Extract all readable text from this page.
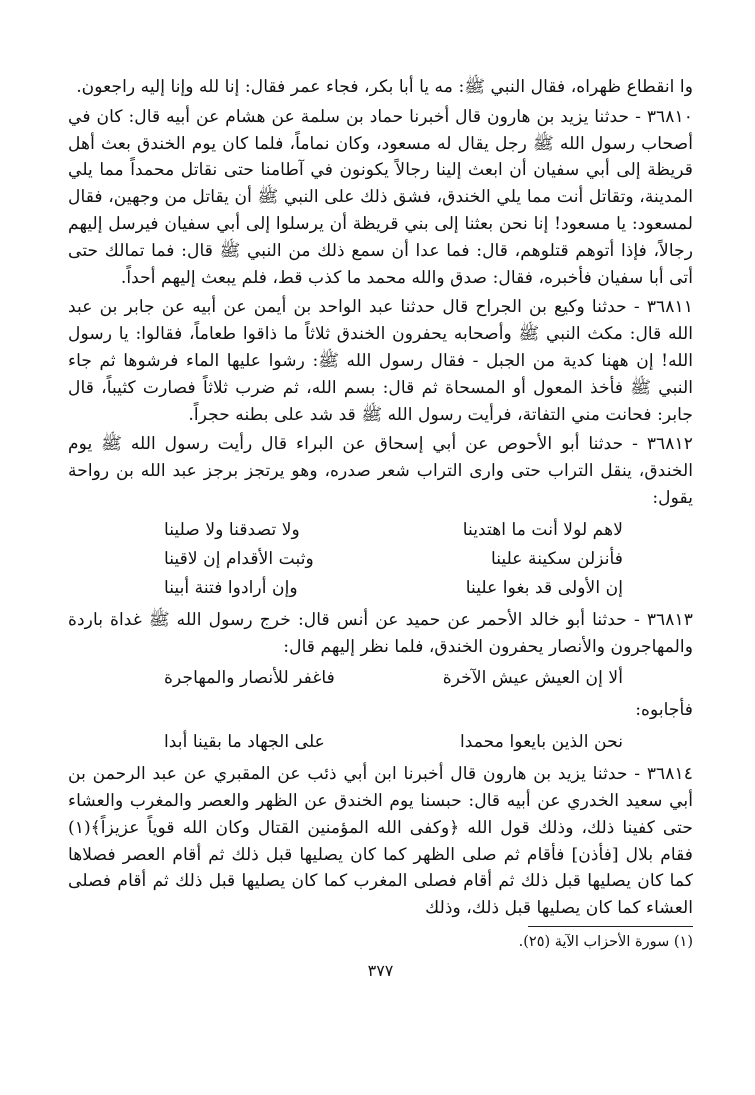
وا انقطاع ظهراه، فقال النبي ﷺ: مه يا أبا بكر، فجاء عمر فقال: إنا لله وإنا إليه راجعون.

٣٦٨١٠ - حدثنا يزيد بن هارون قال أخبرنا حماد بن سلمة عن هشام عن أبيه قال: كان في أصحاب رسول الله ﷺ رجل يقال له مسعود، وكان نماماً، فلما كان يوم الخندق بعث أهل قريظة إلى أبي سفيان أن ابعث إلينا رجالاً يكونون في آطامنا حتى نقاتل محمداً مما يلي المدينة، وتقاتل أنت مما يلي الخندق، فشق ذلك على النبي ﷺ أن يقاتل من وجهين، فقال لمسعود: يا مسعود! إنا نحن بعثنا إلى بني قريظة أن يرسلوا إلى أبي سفيان فيرسل إليهم رجالاً، فإذا أتوهم قتلوهم، قال: فما عدا أن سمع ذلك من النبي ﷺ قال: فما تمالك حتى أتى أبا سفيان فأخبره، فقال: صدق والله محمد ما كذب قط، فلم يبعث إليهم أحداً.

٣٦٨١١ - حدثنا وكيع بن الجراح قال حدثنا عبد الواحد بن أيمن عن أبيه عن جابر بن عبد الله قال: مكث النبي ﷺ وأصحابه يحفرون الخندق ثلاثاً ما ذاقوا طعاماً، فقالوا: يا رسول الله! إن ههنا كدية من الجبل - فقال رسول الله ﷺ: رشوا عليها الماء فرشوها ثم جاء النبي ﷺ فأخذ المعول أو المسحاة ثم قال: بسم الله، ثم ضرب ثلاثاً فصارت كثيباً، قال جابر: فحانت مني التفاتة، فرأيت رسول الله ﷺ قد شد على بطنه حجراً.

٣٦٨١٢ - حدثنا أبو الأحوص عن أبي إسحاق عن البراء قال رأيت رسول الله ﷺ يوم الخندق، ينقل التراب حتى وارى التراب شعر صدره، وهو يرتجز برجز عبد الله بن رواحة يقول:

لاهم لولا أنت ما اهتدينا
ولا تصدقنا ولا صلينا
فأنزلن سكينة علينا
وثبت الأقدام إن لاقينا
إن الأولى قد بغوا علينا
وإن أرادوا فتنة أبينا

٣٦٨١٣ - حدثنا أبو خالد الأحمر عن حميد عن أنس قال: خرج رسول الله ﷺ غداة باردة والمهاجرون والأنصار يحفرون الخندق، فلما نظر إليهم قال:

ألا إن العيش عيش الآخرة
فاغفر للأنصار والمهاجرة

فأجابوه:

نحن الذين بايعوا محمدا
على الجهاد ما بقينا أبدا

٣٦٨١٤ - حدثنا يزيد بن هارون قال أخبرنا ابن أبي ذئب عن المقبري عن عبد الرحمن بن أبي سعيد الخدري عن أبيه قال: حبسنا يوم الخندق عن الظهر والعصر والمغرب والعشاء حتى كفينا ذلك، وذلك قول الله ﴿وكفى الله المؤمنين القتال وكان الله قوياً عزيزاً﴾(١) فقام بلال [فأذن] فأقام ثم صلى الظهر كما كان يصليها قبل ذلك ثم أقام العصر فصلاها كما كان يصليها قبل ذلك ثم أقام فصلى المغرب كما كان يصليها قبل ذلك ثم أقام فصلى العشاء كما كان يصليها قبل ذلك، وذلك

(١) سورة الأحزاب الآية (٢٥).

٣٧٧
